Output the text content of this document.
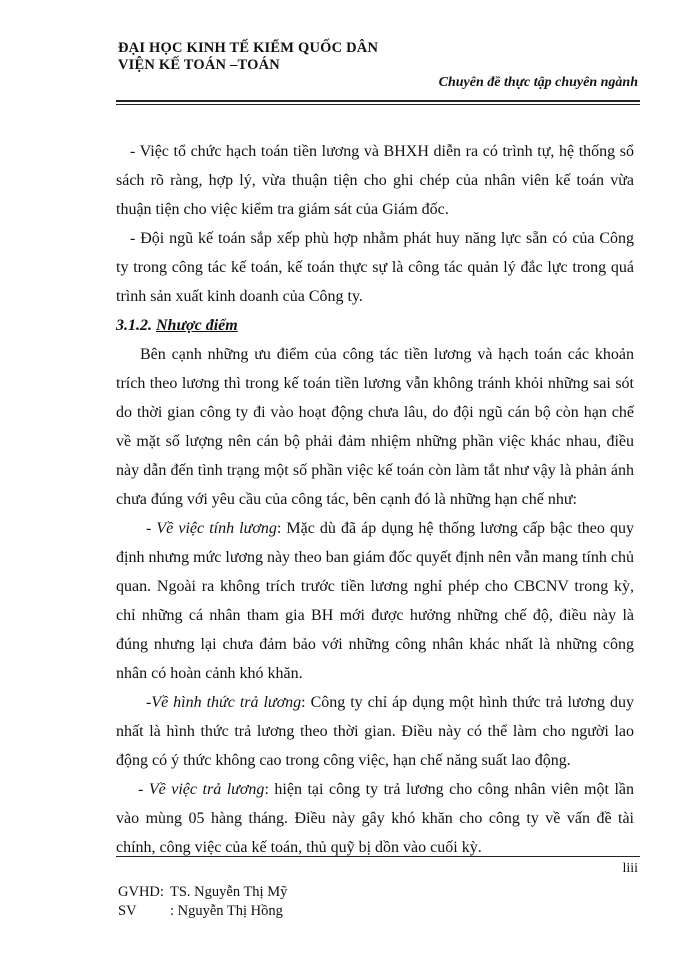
ĐẠI HỌC KINH TẾ KIỂM QUỐC DÂN
VIỆN KẾ TOÁN –TOÁN
Chuyên đề thực tập chuyên ngành

- Việc tổ chức hạch toán tiền lương và BHXH diễn ra có trình tự, hệ thống sổ sách rõ ràng, hợp lý, vừa thuận tiện cho ghi chép của nhân viên kế toán vừa thuận tiện cho việc kiểm tra giám sát của Giám đốc.

- Đội ngũ kế toán sắp xếp phù hợp nhằm phát huy năng lực sẵn có của Công ty trong công tác kế toán, kế toán thực sự là công tác quản lý đắc lực trong quá trình sản xuất kinh doanh của Công ty.

3.1.2. Nhược điểm

Bên cạnh những ưu điểm của công tác tiền lương và hạch toán các khoản trích theo lương thì trong kế toán tiền lương vẫn không tránh khỏi những sai sót do thời gian công ty đi vào hoạt động chưa lâu, do đội ngũ cán bộ còn hạn chế về mặt số lượng nên cán bộ phải đảm nhiệm những phần việc khác nhau, điều này dẫn đến tình trạng một số phần việc kế toán còn làm tắt như vậy là phản ánh chưa đúng với yêu cầu của công tác, bên cạnh đó là những hạn chế như:

- Về việc tính lương: Mặc dù đã áp dụng hệ thống lương cấp bậc theo quy định nhưng mức lương này theo ban giám đốc quyết định nên vẫn mang tính chủ quan. Ngoài ra không trích trước tiền lương nghỉ phép cho CBCNV trong kỳ, chỉ những cá nhân tham gia BH mới được hưởng những chế độ, điều này là đúng nhưng lại chưa đảm bảo với những công nhân khác nhất là những công nhân có hoàn cảnh khó khăn.

-Về hình thức trả lương: Công ty chỉ áp dụng một hình thức trả lương duy nhất là hình thức trả lương theo thời gian. Điều này có thể làm cho người lao động có ý thức không cao trong công việc, hạn chế năng suất lao động.

- Về việc trả lương: hiện tại công ty trả lương cho công nhân viên một lần vào mùng 05 hàng tháng. Điều này gây khó khăn cho công ty về vấn đề tài chính, công việc của kế toán, thủ quỹ bị dồn vào cuối kỳ.

liii
GVHD: TS. Nguyễn Thị Mỹ
SV : Nguyễn Thị Hồng
